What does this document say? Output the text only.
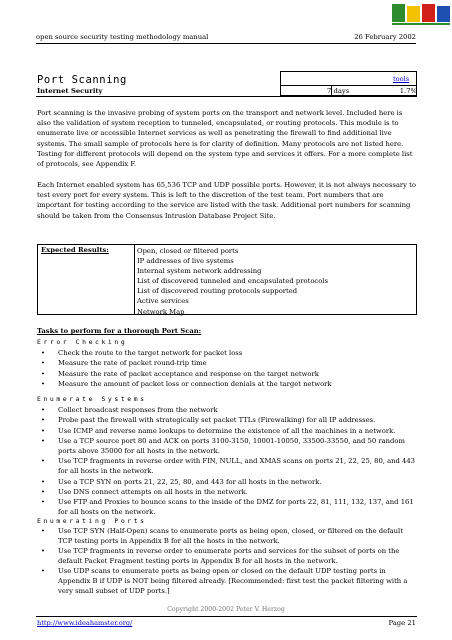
open source security testing methodology manual	26 February 2002
Port Scanning	tools
Internet Security	7 days	1.7%

Port scanning is the invasive probing of system ports on the transport and network level. Included here is also the validation of system reception to tunneled, encapsulated, or routing protocols. This module is to enumerate live or accessible Internet services as well as penetrating the firewall to find additional live systems. The small sample of protocols here is for clarity of definition. Many protocols are not listed here. Testing for different protocols will depend on the system type and services it offers. For a more complete list of protocols, see Appendix F.

Each Internet enabled system has 65,536 TCP and UDP possible ports. However, it is not always necessary to test every port for every system. This is left to the discretion of the test team. Port numbers that are important for testing according to the service are listed with the task. Additional port numbers for scanning should be taken from the Consensus Intrusion Database Project Site.

Expected Results:	Open, closed or filtered ports
IP addresses of live systems
Internal system network addressing
List of discovered tunneled and encapsulated protocols
List of discovered routing protocols supported
Active services
Network Map
Tasks to perform for a thorough Port Scan:
Error Checking
• Check the route to the target network for packet loss
• Measure the rate of packet round-trip time
• Measure the rate of packet acceptance and response on the target network
• Measure the amount of packet loss or connection denials at the target network
Enumerate Systems
• Collect broadcast responses from the network
• Probe past the firewall with strategically set packet TTLs (Firewalking) for all IP addresses.
• Use ICMP and reverse name lookups to determine the existence of all the machines in a network.
• Use a TCP source port 80 and ACK on ports 3100-3150, 10001-10050, 33500-33550, and 50 random ports above 35000 for all hosts in the network.
• Use TCP fragments in reverse order with FIN, NULL, and XMAS scans on ports 21, 22, 25, 80, and 443 for all hosts in the network.
• Use a TCP SYN on ports 21, 22, 25, 80, and 443 for all hosts in the network.
• Use DNS connect attempts on all hosts in the network.
• Use FTP and Proxies to bounce scans to the inside of the DMZ for ports 22, 81, 111, 132, 137, and 161 for all hosts on the network.
Enumerating Ports
• Use TCP SYN (Half-Open) scans to enumerate ports as being open, closed, or filtered on the default TCP testing ports in Appendix B for all the hosts in the network.
• Use TCP fragments in reverse order to enumerate ports and services for the subset of ports on the default Packet Fragment testing ports in Appendix B for all hosts in the network.
• Use UDP scans to enumerate ports as being open or closed on the default UDP testing ports in Appendix B if UDP is NOT being filtered already. [Recommended: first test the packet filtering with a very small subset of UDP ports.]
Copyright 2000-2002 Peter V. Herzog
http://www.ideahamster.org/	Page 21
